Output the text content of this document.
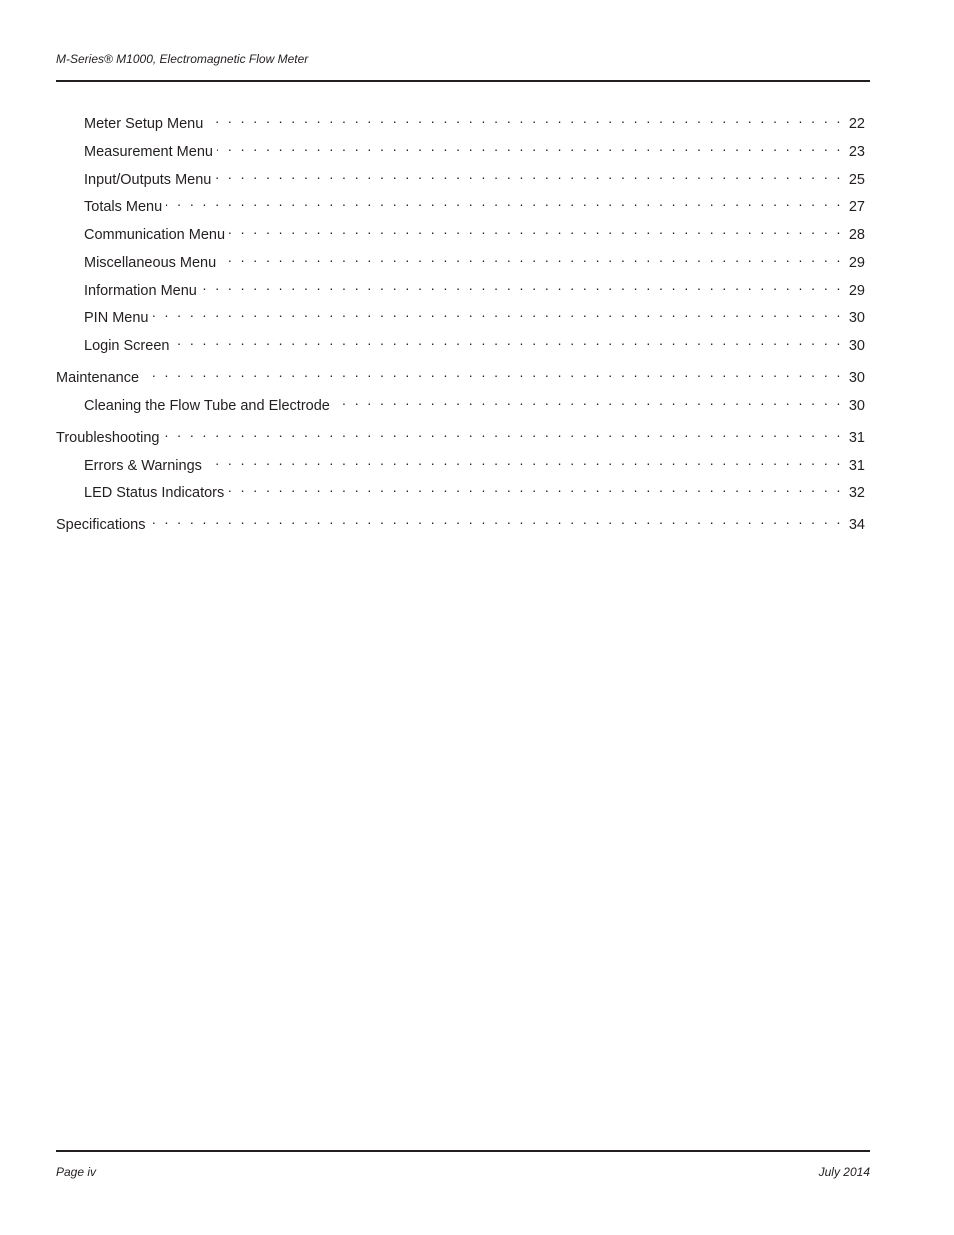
M-Series® M1000, Electromagnetic Flow Meter
Meter Setup Menu . . .	22
Measurement Menu . . .	23
Input/Outputs Menu . . .	25
Totals Menu . . .	27
Communication Menu . . .	28
Miscellaneous Menu . . .	29
Information Menu . . .	29
PIN Menu . . .	30
Login Screen . . .	30
Maintenance . . .	30
Cleaning the Flow Tube and Electrode . . .	30
Troubleshooting . . .	31
Errors & Warnings . . .	31
LED Status Indicators . . .	32
Specifications . . .	34
Page iv	July 2014
